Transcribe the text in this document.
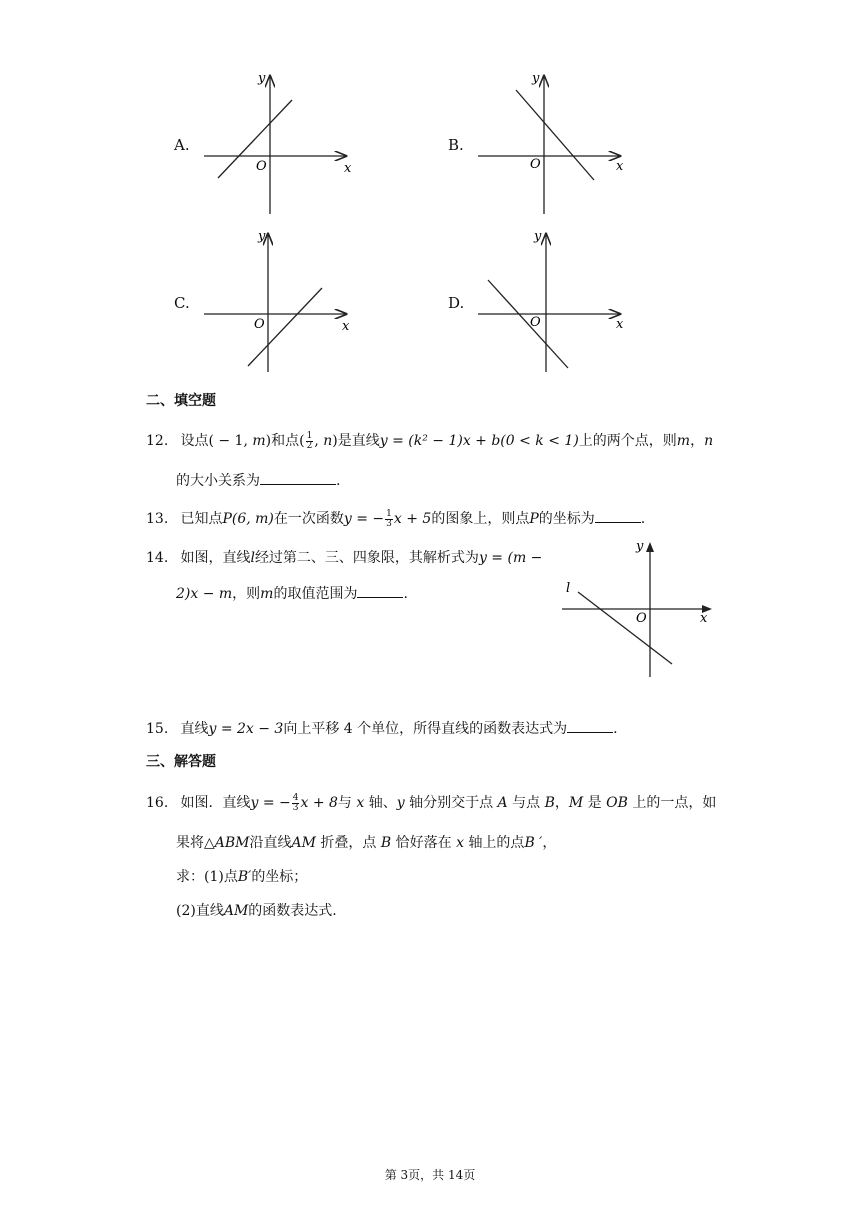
A.
x
y
O
B.
x
y
O
C.
x
y
O
D.
x
y
O
二、填空题
12. 设点( − 1, m)和点( $\frac{1}{2}$ , n)是直线y = (k² − 1)x + b(0 < k < 1)上的两个点，则m，n
的大小关系为	.
13. 已知点P(6, m)在一次函数y = − $\frac{1}{3}$ x + 5的图象上，则点P的坐标为	.
14. 如图，直线l经过第二、三、四象限，其解析式为y = (m −
2)x − m，则m的取值范围为	.
x
y
O
l
15. 直线y = 2x − 3向上平移 4 个单位，所得直线的函数表达式为	.
三、解答题
16. 如图．直线y = − $\frac{4}{3}$ x + 8与 x 轴、y 轴分别交于点 A 与点 B，M 是 OB 上的一点，如
果将△ABM沿直线AM 折叠，点 B 恰好落在 x 轴上的点B ′，
求：(1)点B′的坐标；
(2)直线AM的函数表达式.
第 3页，共 14页
